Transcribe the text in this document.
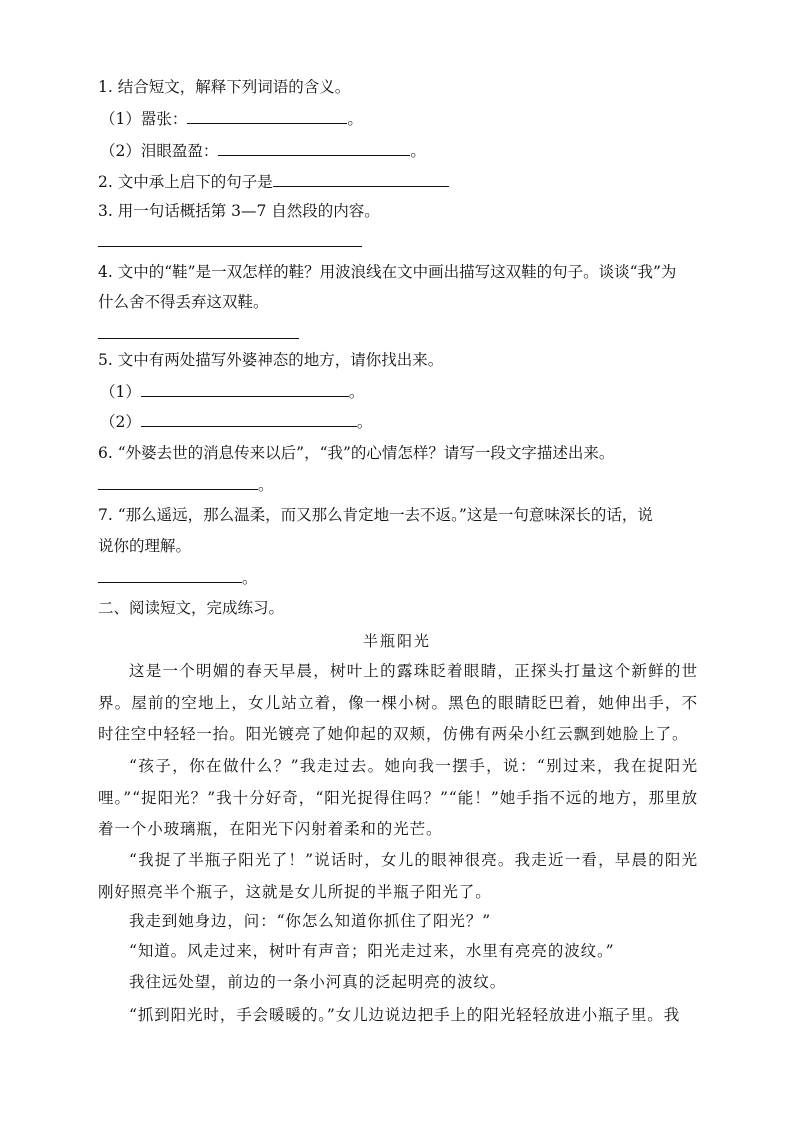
1. 结合短文，解释下列词语的含义。
（1）嚣张：	。
（2）泪眼盈盈：	。
2. 文中承上启下的句子是
3. 用一句话概括第 3—7 自然段的内容。
4. 文中的“鞋”是一双怎样的鞋？用波浪线在文中画出描写这双鞋的句子。谈谈“我”为
什么舍不得丢弃这双鞋。
5. 文中有两处描写外婆神态的地方，请你找出来。
（1）	。
（2）	。
6. “外婆去世的消息传来以后”，“我”的心情怎样？请写一段文字描述出来。
。
7. “那么遥远，那么温柔，而又那么肯定地一去不返。”这是一句意味深长的话，说
说你的理解。
。
二、阅读短文，完成练习。
半瓶阳光
这是一个明媚的春天早晨，树叶上的露珠眨着眼睛，正探头打量这个新鲜的世界。屋前的空地上，女儿站立着，像一棵小树。黑色的眼睛眨巴着，她伸出手，不时往空中轻轻一抬。阳光镀亮了她仰起的双颊，仿佛有两朵小红云飘到她脸上了。
“孩子，你在做什么？”我走过去。她向我一摆手，说：“别过来，我在捉阳光哩。”“捉阳光？”我十分好奇，“阳光捉得住吗？”“能！”她手指不远的地方，那里放着一个小玻璃瓶，在阳光下闪射着柔和的光芒。
“我捉了半瓶子阳光了！”说话时，女儿的眼神很亮。我走近一看，早晨的阳光刚好照亮半个瓶子，这就是女儿所捉的半瓶子阳光了。
我走到她身边，问：“你怎么知道你抓住了阳光？”
“知道。风走过来，树叶有声音；阳光走过来，水里有亮亮的波纹。”
我往远处望，前边的一条小河真的泛起明亮的波纹。
“抓到阳光时，手会暖暖的。”女儿边说边把手上的阳光轻轻放进小瓶子里。我
